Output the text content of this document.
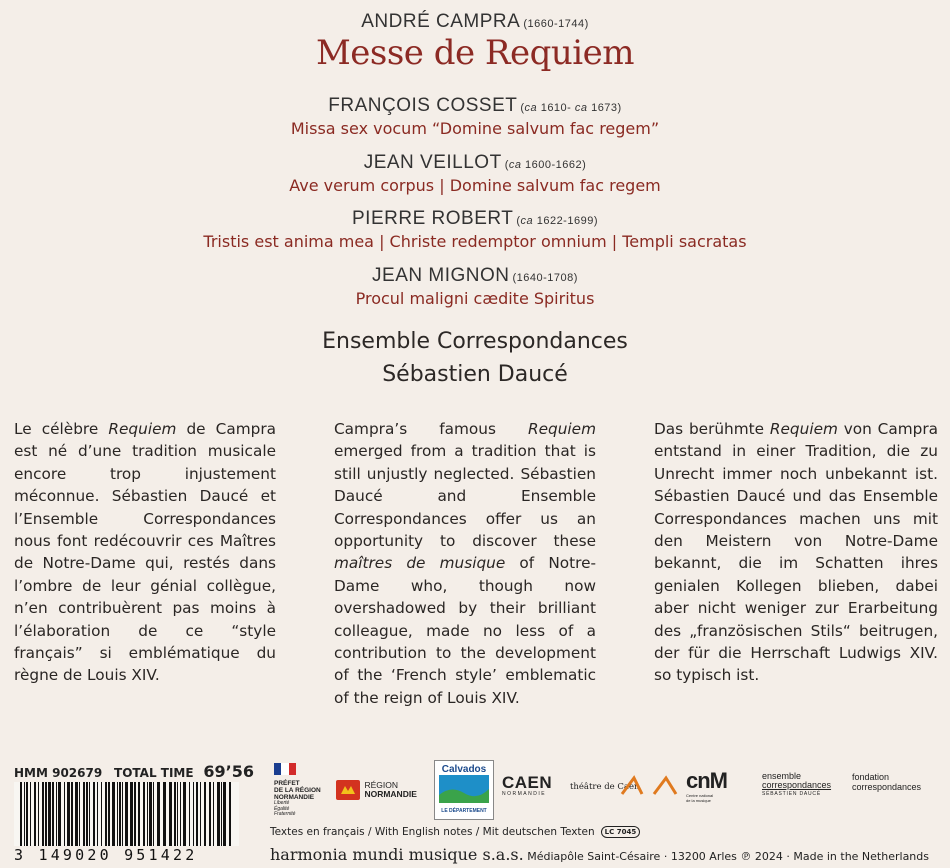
ANDRÉ CAMPRA (1660-1744)
Messe de Requiem
FRANÇOIS COSSET (ca 1610- ca 1673)
Missa sex vocum “Domine salvum fac regem”
JEAN VEILLOT (ca 1600-1662)
Ave verum corpus | Domine salvum fac regem
PIERRE ROBERT (ca 1622-1699)
Tristis est anima mea | Christe redemptor omnium | Templi sacratas
JEAN MIGNON (1640-1708)
Procul maligni cædite Spiritus
Ensemble Correspondances
Sébastien Daucé

Le célèbre Requiem de Campra est né d’une tradition musicale encore trop injustement méconnue. Sébastien Daucé et l’Ensemble Correspondances nous font redécouvrir ces Maîtres de Notre-Dame qui, restés dans l’ombre de leur génial collègue, n’en contribuèrent pas moins à l’élaboration de ce “style français” si emblématique du règne de Louis XIV.

Campra’s famous Requiem emerged from a tradition that is still unjustly neglected. Sébastien Daucé and Ensemble Correspondances offer us an opportunity to discover these maîtres de musique of Notre-Dame who, though now overshadowed by their brilliant colleague, made no less of a contribution to the development of the ‘French style’ emblematic of the reign of Louis XIV.

Das berühmte Requiem von Campra entstand in einer Tradition, die zu Unrecht immer noch unbekannt ist. Sébastien Daucé und das Ensemble Correspondances machen uns mit den Meistern von Notre-Dame bekannt, die im Schatten ihres genialen Kollegen blieben, dabei aber nicht weniger zur Erarbeitung des „französischen Stils“ beitrugen, der für die Herrschaft Ludwigs XIV. so typisch ist.

HMM 902679 TOTAL TIME 69’56
3 149020 951422
PRÉFET
DE LA RÉGION
NORMANDIE
Liberté
Égalité
Fraternité
RÉGION
NORMANDIE
Calvados
LE DÉPARTEMENT
CAEN
NORMANDIE
théâtre de Caen cnM
Centre national
de la musique
ensemble
correspondances
SÉBASTIEN DAUCÉ
fondation
correspondances
Textes en français / With English notes / Mit deutschen Texten LC 7045
harmonia mundi musique s.a.s. Médiapôle Saint-Césaire · 13200 Arles ℗ 2024 · Made in the Netherlands
